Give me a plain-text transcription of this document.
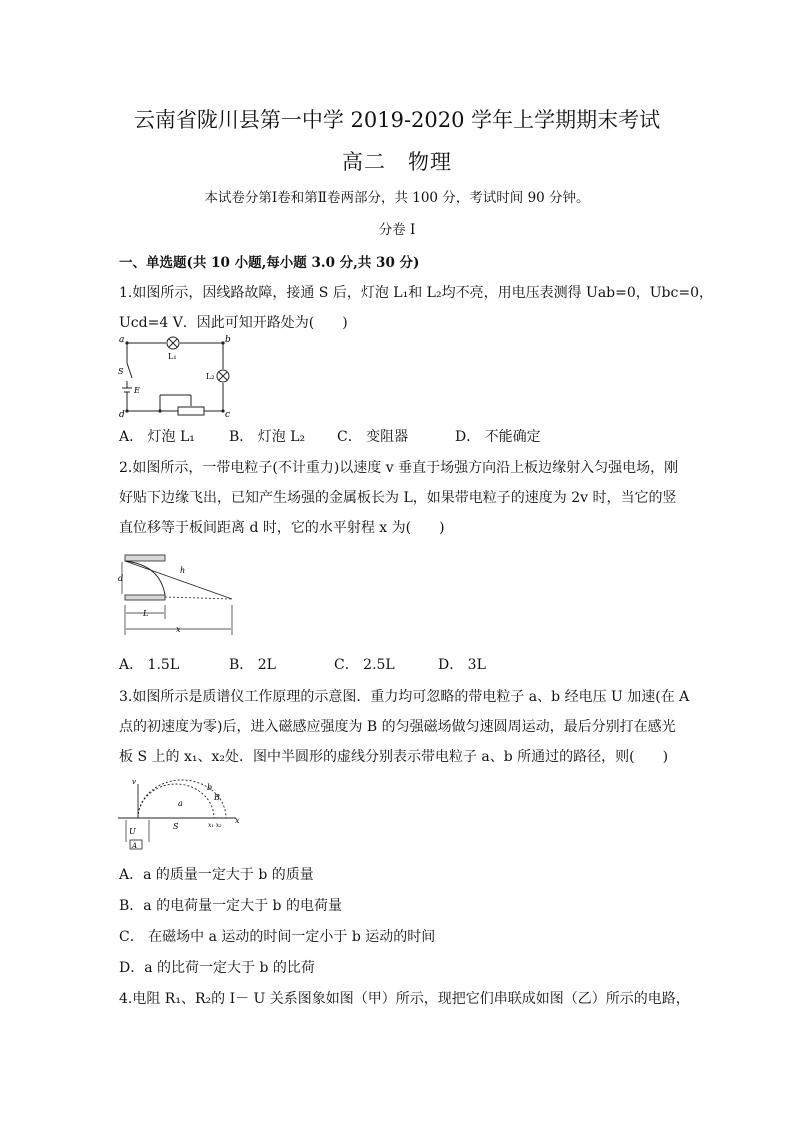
云南省陇川县第一中学 2019-2020 学年上学期期末考试
高二　物理
本试卷分第Ⅰ卷和第Ⅱ卷两部分，共 100 分，考试时间 90 分钟。
分卷 I
一、单选题(共 10 小题,每小题 3.0 分,共 30 分)
1.如图所示，因线路故障，接通 S 后，灯泡 L₁和 L₂均不亮，用电压表测得 Uab=0，Ubc=0，
Ucd=4 V．因此可知开路处为(　　)
a	b
d	c
L₁
L₂
S
E
A． 灯泡 L₁ B． 灯泡 L₂ C． 变阻器	D． 不能确定
2.如图所示，一带电粒子(不计重力)以速度 v 垂直于场强方向沿上板边缘射入匀强电场，刚
好贴下边缘飞出，已知产生场强的金属板长为 L，如果带电粒子的速度为 2v 时，当它的竖
直位移等于板间距离 d 时，它的水平射程 x 为(　　)
h
d
L
x
A． 1.5L	B． 2L	C． 2.5L	D． 3L
3.如图所示是质谱仪工作原理的示意图．重力均可忽略的带电粒子 a、b 经电压 U 加速(在 A
点的初速度为零)后，进入磁感应强度为 B 的匀强磁场做匀速圆周运动，最后分别打在感光
板 S 上的 x₁、x₂处．图中半圆形的虚线分别表示带电粒子 a、b 所通过的路径，则(　　)
v
a
b
B
U
S	x₁ x₂
x
A
A．a 的质量一定大于 b 的质量
B．a 的电荷量一定大于 b 的电荷量
C． 在磁场中 a 运动的时间一定小于 b 运动的时间
D．a 的比荷一定大于 b 的比荷
4.电阻 R₁、R₂的 I－ U 关系图象如图（甲）所示，现把它们串联成如图（乙）所示的电路，
